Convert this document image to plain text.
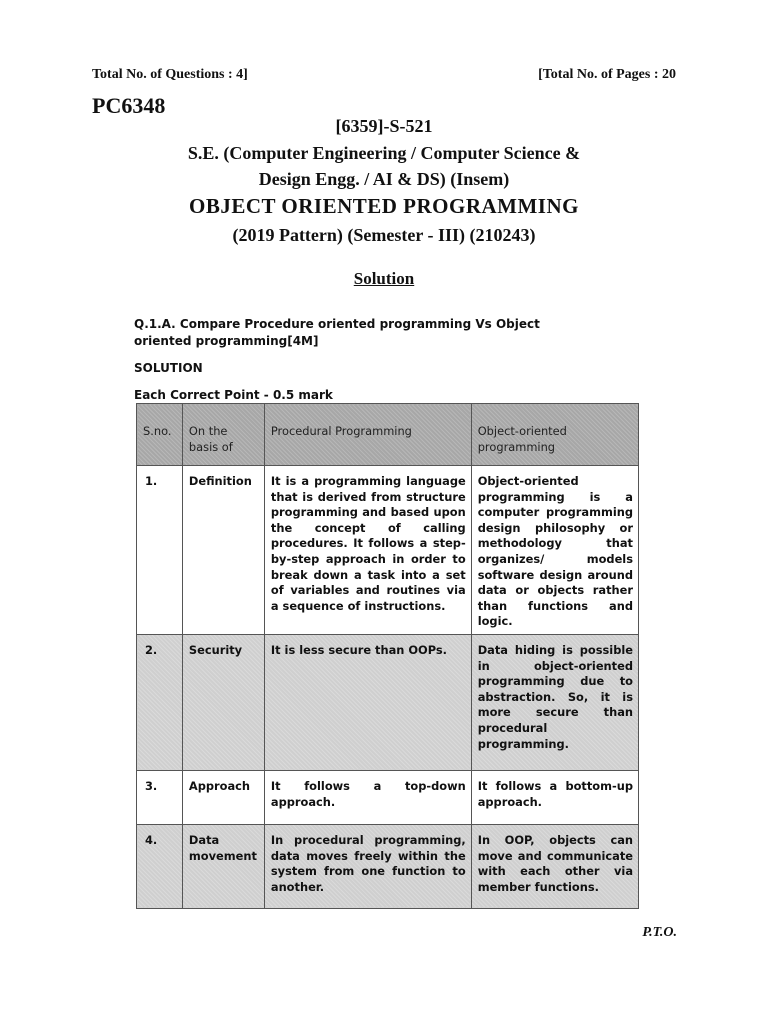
Total No. of Questions : 4]	[Total No. of Pages : 20
PC6348
[6359]-S-521
S.E. (Computer Engineering / Computer Science &
Design Engg. / AI & DS) (Insem)
OBJECT ORIENTED PROGRAMMING
(2019 Pattern) (Semester - III) (210243)
Solution
Q.1.A. Compare Procedure oriented programming Vs Object oriented programming[4M]
SOLUTION
Each Correct Point - 0.5 mark
S.no.	On the basis of	Procedural Programming	Object-oriented programming
1.	Definition	It is a programming language that is derived from structure programming and based upon the concept of calling procedures. It follows a step-by-step approach in order to break down a task into a set of variables and routines via a sequence of instructions.	Object-oriented programming is a computer programming design philosophy or methodology that organizes/ models software design around data or objects rather than functions and logic.
2.	Security	It is less secure than OOPs.	Data hiding is possible in object-oriented programming due to abstraction. So, it is more secure than procedural programming.
3.	Approach	It follows a top-down approach.	It follows a bottom-up approach.
4.	Data movement	In procedural programming, data moves freely within the system from one function to another.	In OOP, objects can move and communicate with each other via member functions.
P.T.O.
